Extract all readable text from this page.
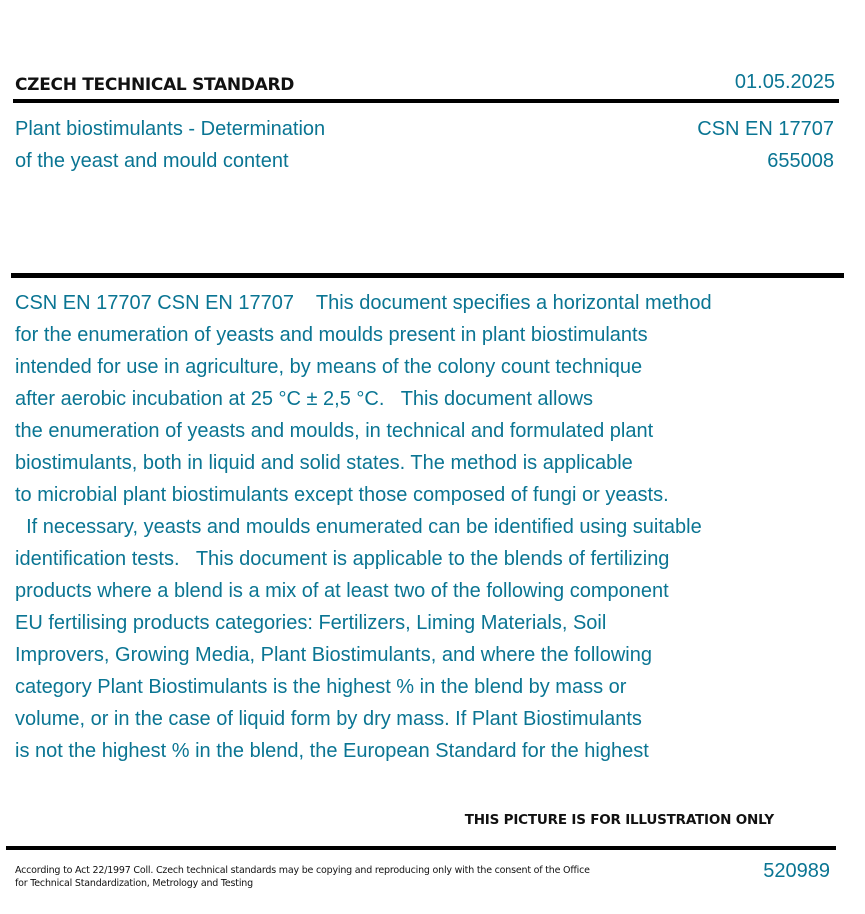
CZECH TECHNICAL STANDARD	01.05.2025
Plant biostimulants - Determination
of the yeast and mould content
CSN EN 17707
655008
CSN EN 17707 CSN EN 17707    This document specifies a horizontal method
for the enumeration of yeasts and moulds present in plant biostimulants
intended for use in agriculture, by means of the colony count technique
after aerobic incubation at 25 °C ± 2,5 °C.   This document allows
the enumeration of yeasts and moulds, in technical and formulated plant
biostimulants, both in liquid and solid states. The method is applicable
to microbial plant biostimulants except those composed of fungi or yeasts.
If necessary, yeasts and moulds enumerated can be identified using suitable
identification tests.   This document is applicable to the blends of fertilizing
products where a blend is a mix of at least two of the following component
EU fertilising products categories: Fertilizers, Liming Materials, Soil
Improvers, Growing Media, Plant Biostimulants, and where the following
category Plant Biostimulants is the highest % in the blend by mass or
volume, or in the case of liquid form by dry mass. If Plant Biostimulants
is not the highest % in the blend, the European Standard for the highest
THIS PICTURE IS FOR ILLUSTRATION ONLY
According to Act 22/1997 Coll. Czech technical standards may be copying and reproducing only with the consent of the Office
for Technical Standardization, Metrology and Testing
520989
